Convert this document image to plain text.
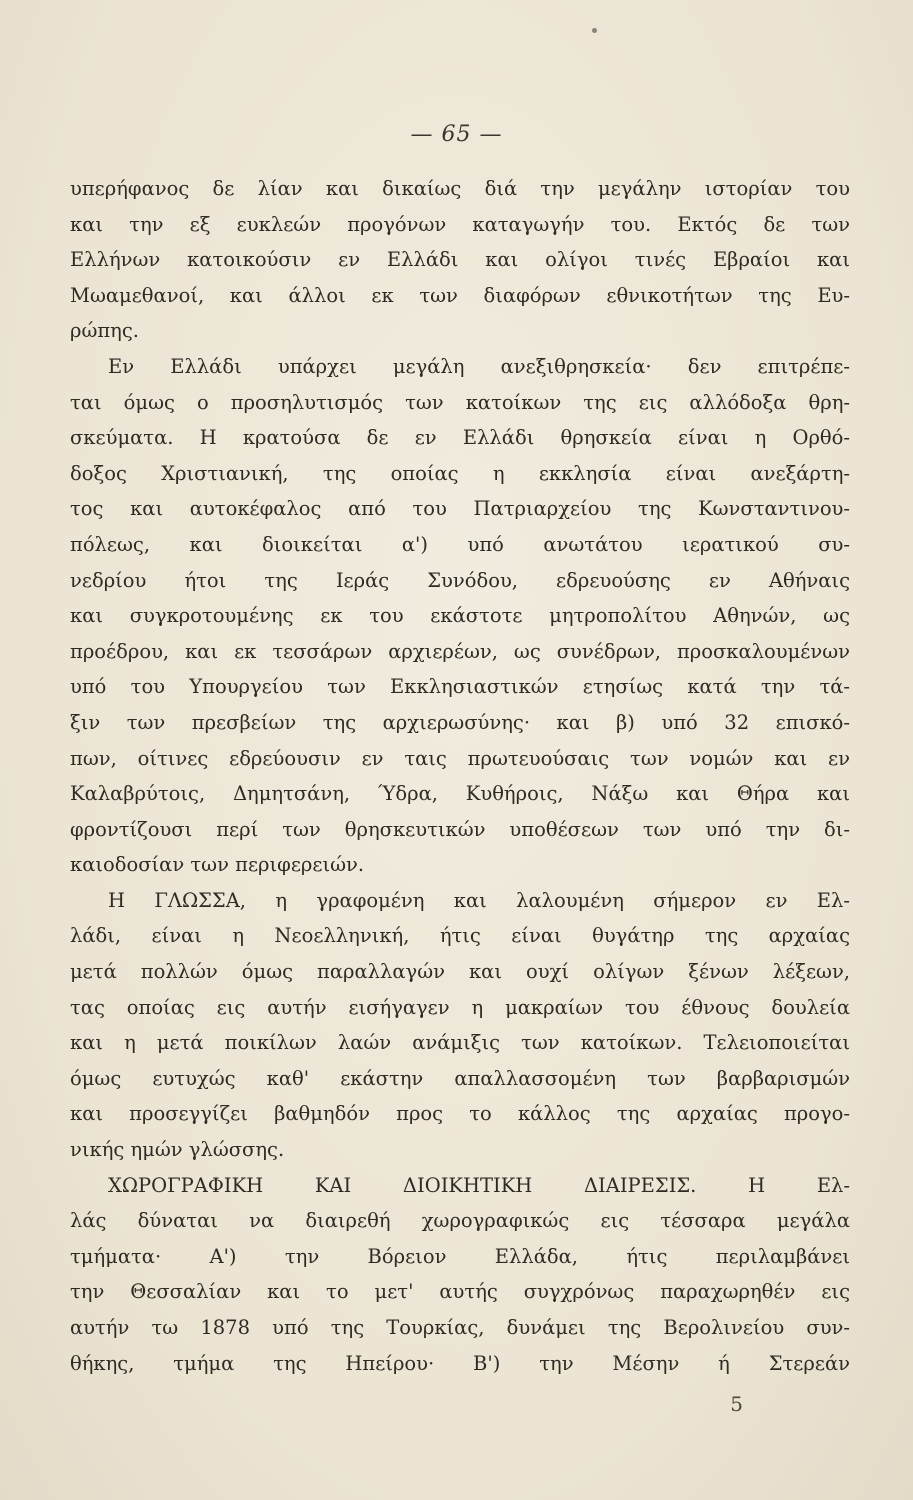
— 65 —
υπερήφανος δε λίαν και δικαίως διά την μεγάλην ιστορίαν του
και την εξ ευκλεών προγόνων καταγωγήν του. Εκτός δε των
Ελλήνων κατοικούσιν εν Ελλάδι και ολίγοι τινές Εβραίοι και
Μωαμεθανοί, και άλλοι εκ των διαφόρων εθνικοτήτων της Ευ-
ρώπης.
Εν Ελλάδι υπάρχει μεγάλη ανεξιθρησκεία· δεν επιτρέπε-
ται όμως ο προσηλυτισμός των κατοίκων της εις αλλόδοξα θρη-
σκεύματα. Η κρατούσα δε εν Ελλάδι θρησκεία είναι η Ορθό-
δοξος Χριστιανική, της οποίας η εκκλησία είναι ανεξάρτη-
τος και αυτοκέφαλος από του Πατριαρχείου της Κωνσταντινου-
πόλεως, και διοικείται α') υπό ανωτάτου ιερατικού συ-
νεδρίου ήτοι της Ιεράς Συνόδου, εδρευούσης εν Αθήναις
και συγκροτουμένης εκ του εκάστοτε μητροπολίτου Αθηνών, ως
προέδρου, και εκ τεσσάρων αρχιερέων, ως συνέδρων, προσκαλουμένων
υπό του Υπουργείου των Εκκλησιαστικών ετησίως κατά την τά-
ξιν των πρεσβείων της αρχιερωσύνης· και β) υπό 32 επισκό-
πων, οίτινες εδρεύουσιν εν ταις πρωτευούσαις των νομών και εν
Καλαβρύτοις, Δημητσάνη, Ύδρα, Κυθήροις, Νάξω και Θήρα και
φροντίζουσι περί των θρησκευτικών υποθέσεων των υπό την δι-
καιοδοσίαν των περιφερειών.
Η ΓΛΩΣΣΑ, η γραφομένη και λαλουμένη σήμερον εν Ελ-
λάδι, είναι η Νεοελληνική, ήτις είναι θυγάτηρ της αρχαίας
μετά πολλών όμως παραλλαγών και ουχί ολίγων ξένων λέξεων,
τας οποίας εις αυτήν εισήγαγεν η μακραίων του έθνους δουλεία
και η μετά ποικίλων λαών ανάμιξις των κατοίκων. Τελειοποιείται
όμως ευτυχώς καθ' εκάστην απαλλασσομένη των βαρβαρισμών
και προσεγγίζει βαθμηδόν προς το κάλλος της αρχαίας προγο-
νικής ημών γλώσσης.
ΧΩΡΟΓΡΑΦΙΚΗ ΚΑΙ ΔΙΟΙΚΗΤΙΚΗ ΔΙΑΙΡΕΣΙΣ. Η Ελ-
λάς δύναται να διαιρεθή χωρογραφικώς εις τέσσαρα μεγάλα
τμήματα· Α') την Βόρειον Ελλάδα, ήτις περιλαμβάνει
την Θεσσαλίαν και το μετ' αυτής συγχρόνως παραχωρηθέν εις
αυτήν τω 1878 υπό της Τουρκίας, δυνάμει της Βερολινείου συν-
θήκης, τμήμα της Ηπείρου· Β') την Μέσην ή Στερεάν
5
